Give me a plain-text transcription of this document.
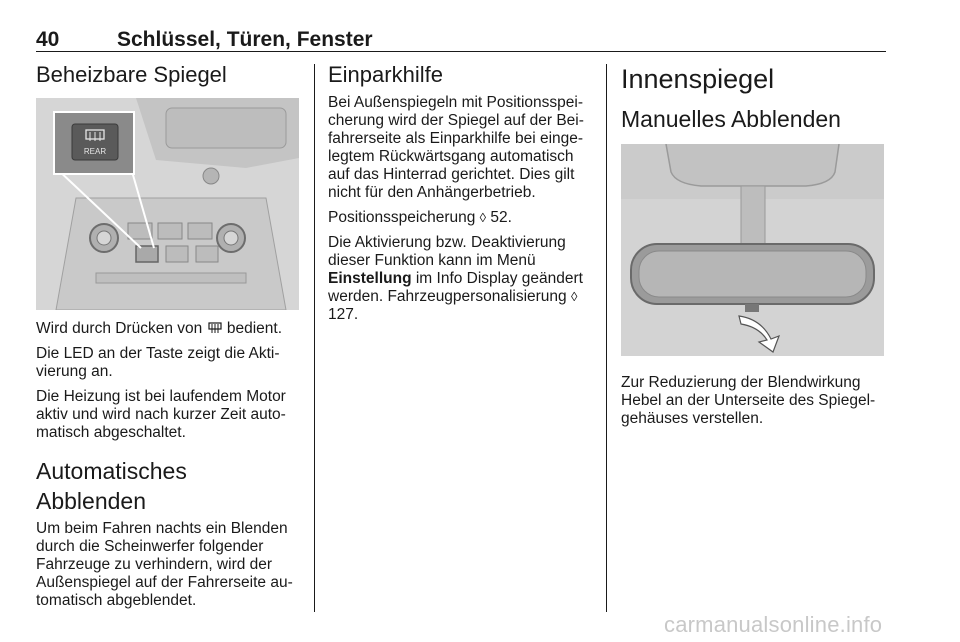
40	Schlüssel, Türen, Fenster
Beheizbare Spiegel
REAR

Wird durch Drücken von  bedient.

Die LED an der Taste zeigt die Akti-vierung an.

Die Heizung ist bei laufendem Motor aktiv und wird nach kurzer Zeit auto-matisch abgeschaltet.

Automatisches Abblenden

Um beim Fahren nachts ein Blenden durch die Scheinwerfer folgender Fahrzeuge zu verhindern, wird der Außenspiegel auf der Fahrerseite au-tomatisch abgeblendet.

Einparkhilfe

Bei Außenspiegeln mit Positionsspei-cherung wird der Spiegel auf der Bei-fahrerseite als Einparkhilfe bei einge-legtem Rückwärtsgang automatisch auf das Hinterrad gerichtet. Dies gilt nicht für den Anhängerbetrieb.

Positionsspeicherung ◊ 52.

Die Aktivierung bzw. Deaktivierung dieser Funktion kann im Menü Einstellung im Info Display geändert werden. Fahrzeugpersonalisierung ◊ 127.

Innenspiegel
Manuelles Abblenden

Zur Reduzierung der Blendwirkung Hebel an der Unterseite des Spiegel-gehäuses verstellen.

carmanualsonline.info
